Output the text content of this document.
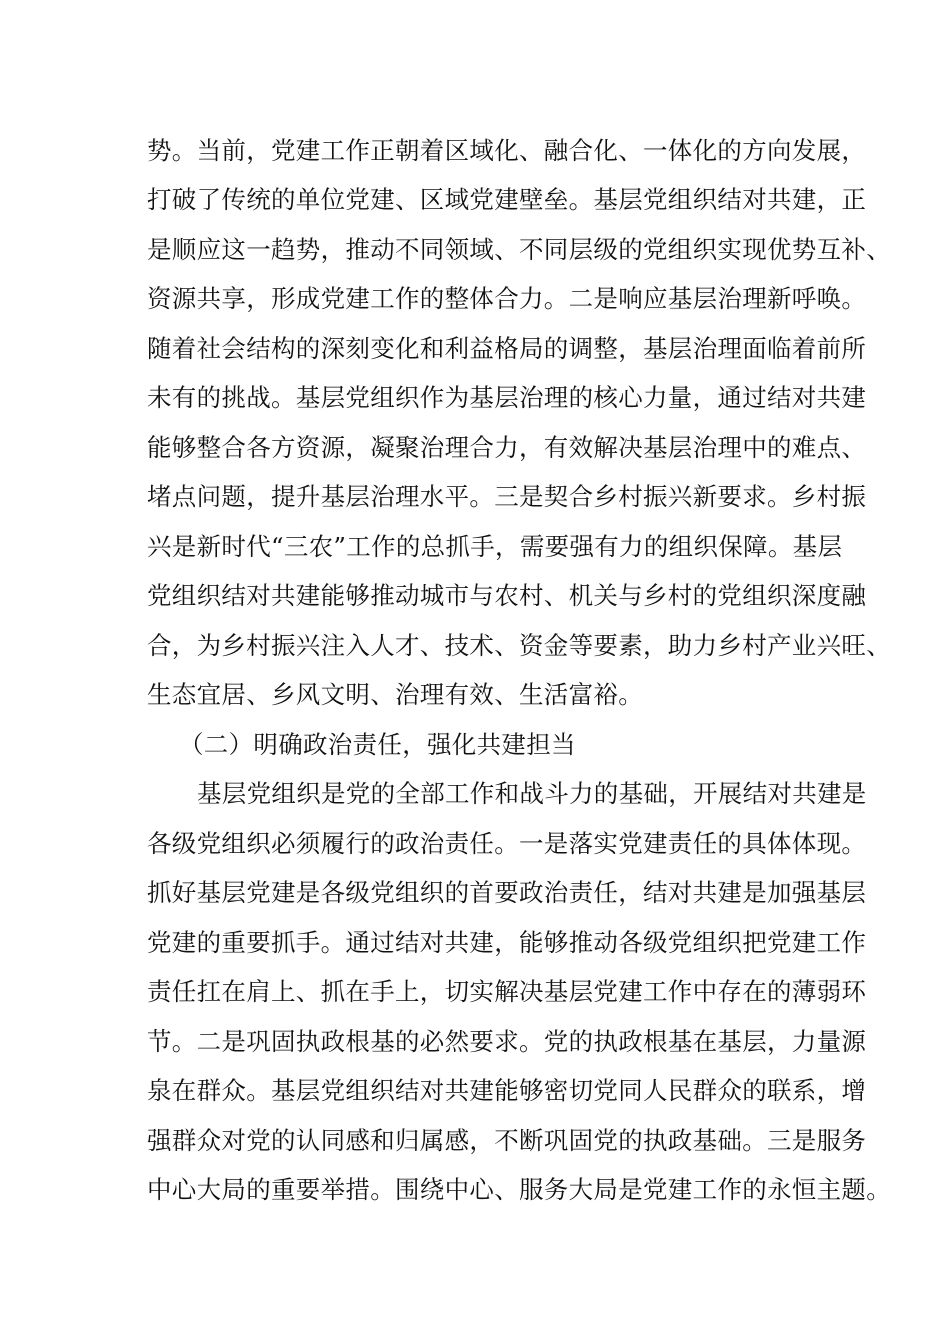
势。当前，党建工作正朝着区域化、融合化、一体化的方向发展，
打破了传统的单位党建、区域党建壁垒。基层党组织结对共建，正
是顺应这一趋势，推动不同领域、不同层级的党组织实现优势互补、
资源共享，形成党建工作的整体合力。二是响应基层治理新呼唤。
随着社会结构的深刻变化和利益格局的调整，基层治理面临着前所
未有的挑战。基层党组织作为基层治理的核心力量，通过结对共建
能够整合各方资源，凝聚治理合力，有效解决基层治理中的难点、
堵点问题，提升基层治理水平。三是契合乡村振兴新要求。乡村振
兴是新时代“三农”工作的总抓手，需要强有力的组织保障。基层
党组织结对共建能够推动城市与农村、机关与乡村的党组织深度融
合，为乡村振兴注入人才、技术、资金等要素，助力乡村产业兴旺、
生态宜居、乡风文明、治理有效、生活富裕。
（二）明确政治责任，强化共建担当
基层党组织是党的全部工作和战斗力的基础，开展结对共建是
各级党组织必须履行的政治责任。一是落实党建责任的具体体现。
抓好基层党建是各级党组织的首要政治责任，结对共建是加强基层
党建的重要抓手。通过结对共建，能够推动各级党组织把党建工作
责任扛在肩上、抓在手上，切实解决基层党建工作中存在的薄弱环
节。二是巩固执政根基的必然要求。党的执政根基在基层，力量源
泉在群众。基层党组织结对共建能够密切党同人民群众的联系，增
强群众对党的认同感和归属感，不断巩固党的执政基础。三是服务
中心大局的重要举措。围绕中心、服务大局是党建工作的永恒主题。
